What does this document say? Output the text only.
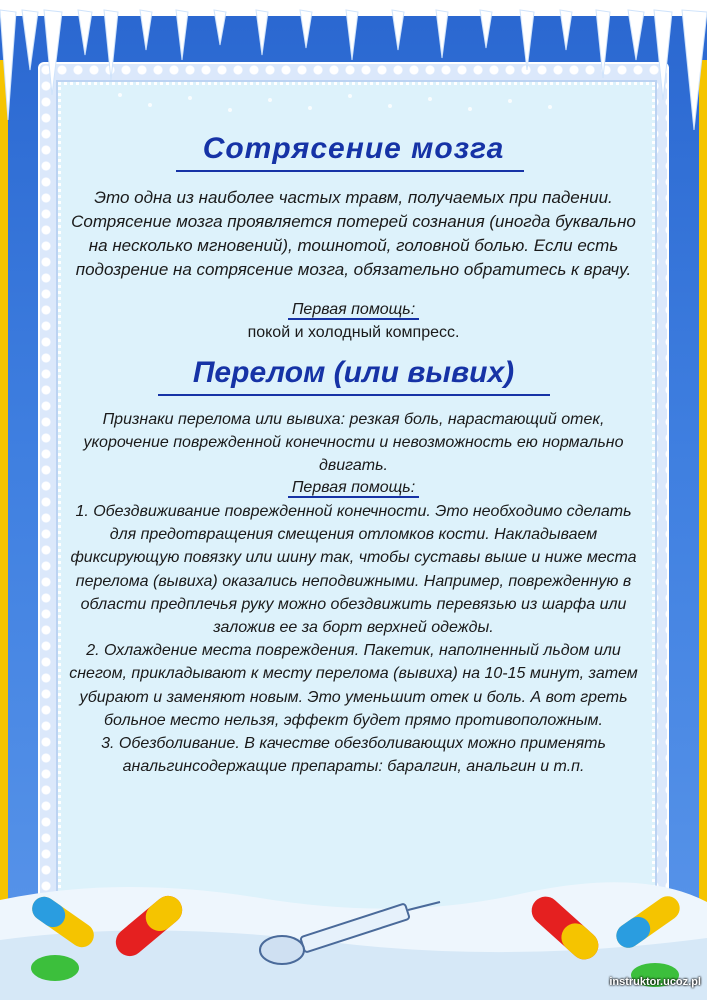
Сотрясение мозга
Это одна из наиболее частых травм, получаемых при падении. Сотрясение мозга проявляется потерей сознания (иногда буквально на несколько мгновений), тошнотой, головной болью. Если есть подозрение на сотрясение мозга, обязательно обратитесь к врачу.
Первая помощь:
покой и холодный компресс.
Перелом (или вывих)
Признаки перелома или вывиха: резкая боль, нарастающий отек, укорочение поврежденной конечности и невозможность ею нормально двигать.
Первая помощь:

1. Обездвиживание поврежденной конечности. Это необходимо сделать для предотвращения смещения отломков кости. Накладываем фиксирующую повязку или шину так, чтобы суставы выше и ниже места перелома (вывиха) оказались неподвижными. Например, поврежденную в области предплечья руку можно обездвижить перевязью из шарфа или заложив ее за борт верхней одежды.

2. Охлаждение места повреждения. Пакетик, наполненный льдом или снегом, прикладывают к месту перелома (вывиха) на 10-15 минут, затем убирают и заменяют новым. Это уменьшит отек и боль. А вот греть больное место нельзя, эффект будет прямо противоположным.

3. Обезболивание. В качестве обезболивающих можно применять анальгинсодержащие препараты: баралгин, анальгин и т.п.

instruktor.ucoz.pl
